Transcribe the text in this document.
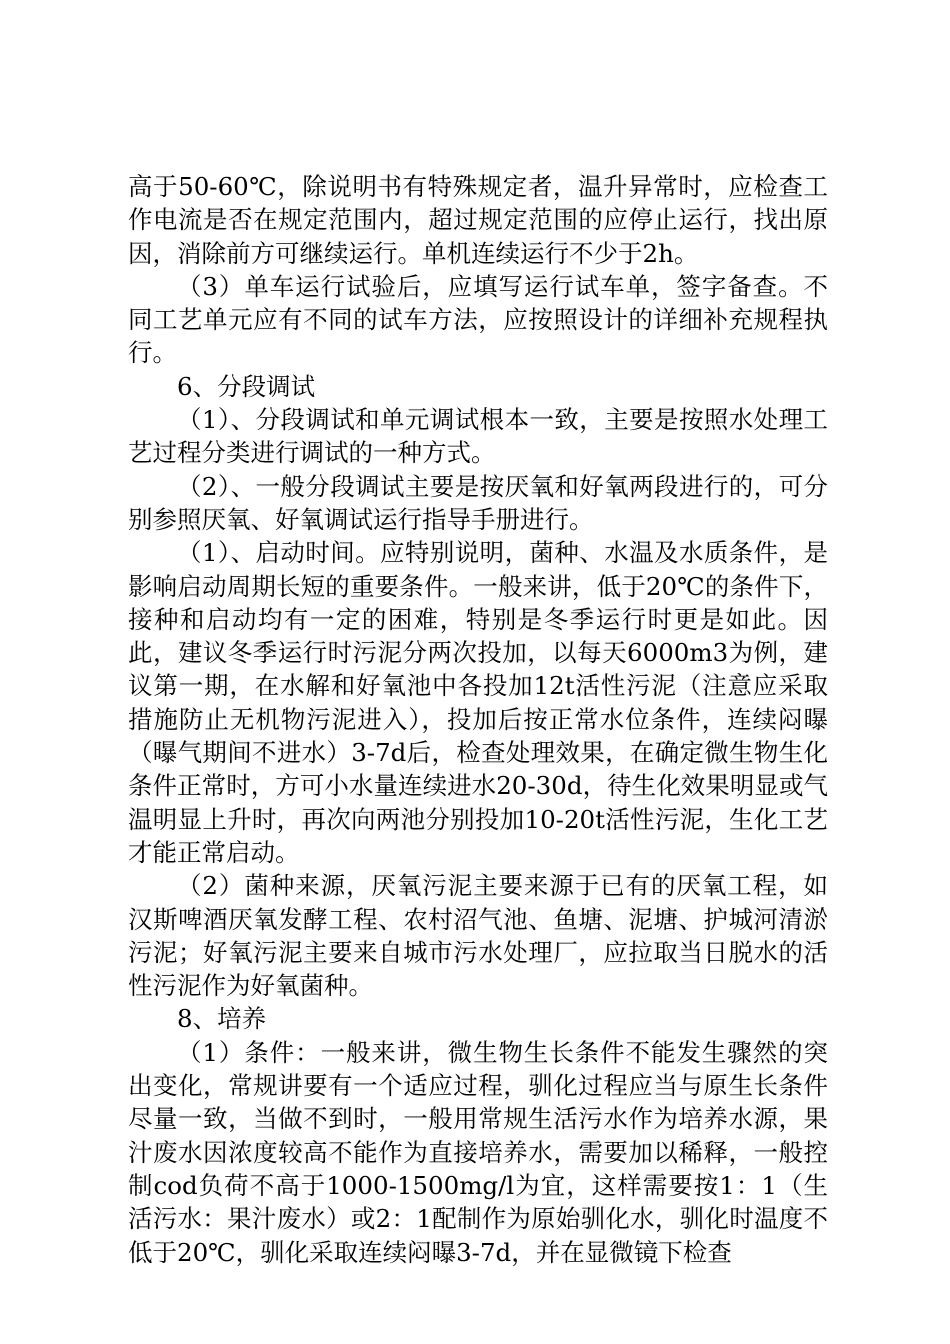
高于50-60℃，除说明书有特殊规定者，温升异常时，应检查工作电流是否在规定范围内，超过规定范围的应停止运行，找出原因，消除前方可继续运行。单机连续运行不少于2h。

（3）单车运行试验后，应填写运行试车单，签字备查。不同工艺单元应有不同的试车方法，应按照设计的详细补充规程执行。

6、分段调试

（1）、分段调试和单元调试根本一致，主要是按照水处理工艺过程分类进行调试的一种方式。

（2）、一般分段调试主要是按厌氧和好氧两段进行的，可分别参照厌氧、好氧调试运行指导手册进行。

（1）、启动时间。应特别说明，菌种、水温及水质条件，是影响启动周期长短的重要条件。一般来讲，低于20℃的条件下，接种和启动均有一定的困难，特别是冬季运行时更是如此。因此，建议冬季运行时污泥分两次投加，以每天6000m3为例，建议第一期，在水解和好氧池中各投加12t活性污泥（注意应采取措施防止无机物污泥进入），投加后按正常水位条件，连续闷曝（曝气期间不进水）3-7d后，检查处理效果，在确定微生物生化条件正常时，方可小水量连续进水20-30d，待生化效果明显或气温明显上升时，再次向两池分别投加10-20t活性污泥，生化工艺才能正常启动。

（2）菌种来源，厌氧污泥主要来源于已有的厌氧工程，如汉斯啤酒厌氧发酵工程、农村沼气池、鱼塘、泥塘、护城河清淤污泥；好氧污泥主要来自城市污水处理厂，应拉取当日脱水的活性污泥作为好氧菌种。

8、培养

（1）条件：一般来讲，微生物生长条件不能发生骤然的突出变化，常规讲要有一个适应过程，驯化过程应当与原生长条件尽量一致，当做不到时，一般用常规生活污水作为培养水源，果汁废水因浓度较高不能作为直接培养水，需要加以稀释，一般控制cod负荷不高于1000-1500mg/l为宜，这样需要按1：1（生活污水：果汁废水）或2：1配制作为原始驯化水，驯化时温度不低于20℃，驯化采取连续闷曝3-7d，并在显微镜下检查
